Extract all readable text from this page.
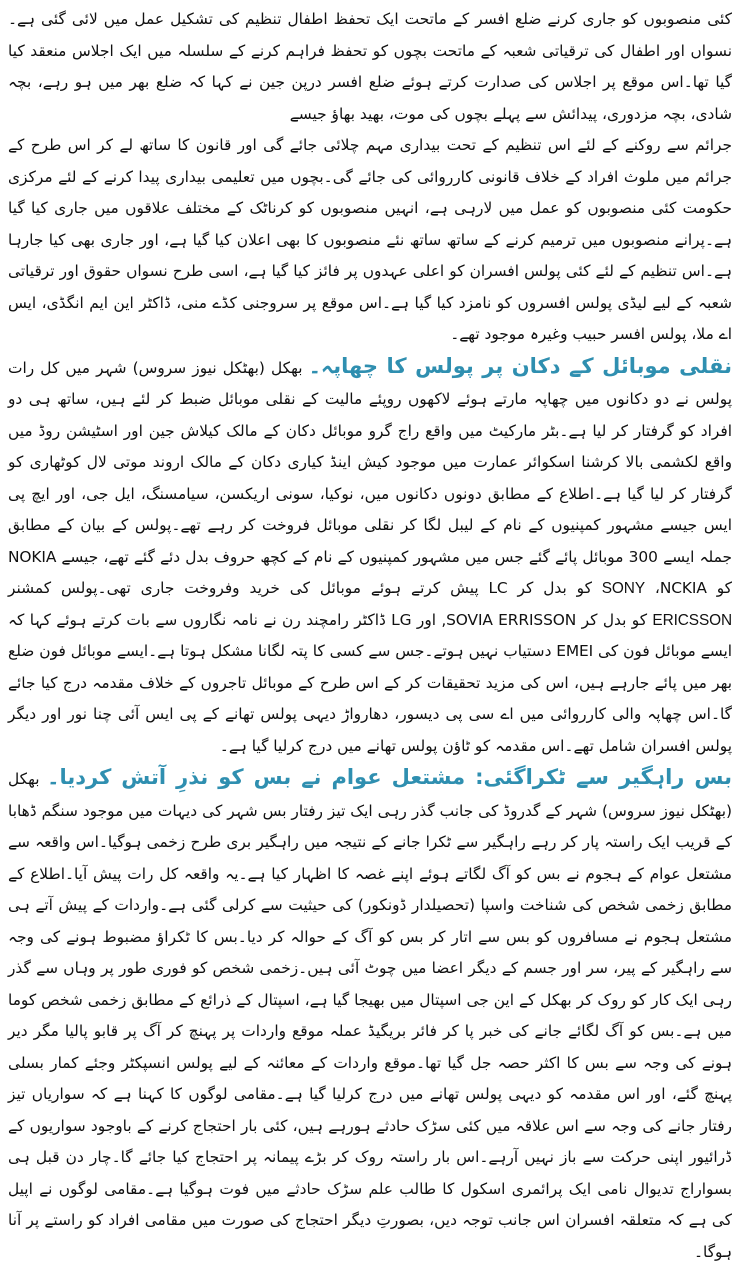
کئی منصوبوں کو جاری کرنے ضلع افسر کے ماتحت ایک تحفظ اطفال تنظیم کی تشکیل عمل میں لائی گئی ہے۔نسواں اور اطفال کی ترقیاتی شعبہ کے ماتحت بچوں کو تحفظ فراہم کرنے کے سلسلہ میں ایک اجلاس منعقد کیا گیا تھا۔اس موقع پر اجلاس کی صدارت کرتے ہوئے ضلع افسر درپن جین نے کہا کہ ضلع بھر میں ہو رہے، بچہ شادی، بچہ مزدوری، پیدائش سے پہلے بچوں کی موت، بھید بھاؤ جیسے

جرائم سے روکنے کے لئے اس تنظیم کے تحت بیداری مہم چلائی جائے گی اور قانون کا ساتھ لے کر اس طرح کے جرائم میں ملوث افراد کے خلاف قانونی کارروائی کی جائے گی۔بچوں میں تعلیمی بیداری پیدا کرنے کے لئے مرکزی حکومت کئی منصوبوں کو عمل میں لارہی ہے، انہیں منصوبوں کو کرناٹک کے مختلف علاقوں میں جاری کیا گیا ہے۔پرانے منصوبوں میں ترمیم کرنے کے ساتھ ساتھ نئے منصوبوں کا بھی اعلان کیا گیا ہے، اور جاری بھی کیا جارہا ہے۔اس تنظیم کے لئے کئی پولس افسران کو اعلی عہدوں پر فائز کیا گیا ہے، اسی طرح نسواں حقوق اور ترقیاتی شعبہ کے لیے لیڈی پولس افسروں کو نامزد کیا گیا ہے۔اس موقع پر سروجنی کڈے منی، ڈاکٹر این ایم انگڈی، ایس اے ملا، پولس افسر حبیب وغیرہ موجود تھے۔

نقلی موبائل کے دکان پر پولس کا چھاپہ۔ بھکل (بھٹکل نیوز سروس) شہر میں کل رات پولس نے دو دکانوں میں چھاپہ مارتے ہوئے لاکھوں روپئے مالیت کے نقلی موبائل ضبط کر لئے ہیں، ساتھ ہی دو افراد کو گرفتار کر لیا ہے۔بٹر مارکیٹ میں واقع راج گرو موبائل دکان کے مالک کیلاش جین اور اسٹیشن روڈ میں واقع لکشمی بالا کرشنا اسکوائر عمارت میں موجود کیش اینڈ کیاری دکان کے مالک اروند موتی لال کوٹھاری کو گرفتار کر لیا گیا ہے۔اطلاع کے مطابق دونوں دکانوں میں، نوکیا، سونی اریکسن، سیامسنگ، ایل جی، اور ایچ پی ایس جیسے مشہور کمپنیوں کے نام کے لیبل لگا کر نقلی موبائل فروخت کر رہے تھے۔پولس کے بیان کے مطابق جملہ ایسے 300 موبائل پائے گئے جس میں مشہور کمپنیوں کے نام کے کچھ حروف بدل دئے گئے تھے، جیسے NOKIA کو NCKIA، SONY کو بدل کر LC پیش کرتے ہوئے موبائل کی خرید وفروخت جاری تھی۔پولس کمشنر ERICSSON کو بدل کر SOVIA ERRISSON, اور LG ڈاکٹر رامچند رن نے نامہ نگاروں سے بات کرتے ہوئے کہا کہ ایسے موبائل فون کی EMEI دستیاب نہیں ہوتے۔جس سے کسی کا پتہ لگانا مشکل ہوتا ہے۔ایسے موبائل فون ضلع بھر میں پائے جارہے ہیں، اس کی مزید تحقیقات کر کے اس طرح کے موبائل تاجروں کے خلاف مقدمہ درج کیا جائے گا۔اس چھاپہ والی کارروائی میں اے سی پی دیسور، دھارواڑ دیہی پولس تھانے کے پی ایس آئی چنا نور اور دیگر پولس افسران شامل تھے۔اس مقدمہ کو ٹاؤن پولس تھانے میں درج کرلیا گیا ہے۔

بس راہگیر سے ٹکراگئی: مشتعل عوام نے بس کو نذرِ آتش کردیا۔ بھکل (بھٹکل نیوز سروس) شہر کے گدروڈ کی جانب گذر رہی ایک تیز رفتار بس شہر کی دیہات میں موجود سنگم ڈھابا کے قریب ایک راستہ پار کر رہے راہگیر سے ٹکرا جانے کے نتیجہ میں راہگیر بری طرح زخمی ہوگیا۔اس واقعہ سے مشتعل عوام کے ہجوم نے بس کو آگ لگاتے ہوئے اپنے غصہ کا اظہار کیا ہے۔یہ واقعہ کل رات پیش آیا۔اطلاع کے مطابق زخمی شخص کی شناخت واسپا (تحصیلدار ڈونکور) کی حیثیت سے کرلی گئی ہے۔واردات کے پیش آتے ہی مشتعل ہجوم نے مسافروں کو بس سے اتار کر بس کو آگ کے حوالہ کر دیا۔بس کا ٹکراؤ مضبوط ہونے کی وجہ سے راہگیر کے پیر، سر اور جسم کے دیگر اعضا میں چوٹ آئی ہیں۔زخمی شخص کو فوری طور پر وہاں سے گذر رہی ایک کار کو روک کر بھکل کے این جی اسپتال میں بھیجا گیا ہے، اسپتال کے ذرائع کے مطابق زخمی شخص کوما میں ہے۔بس کو آگ لگائے جانے کی خبر پا کر فائر بریگیڈ عملہ موقع واردات پر پہنچ کر آگ پر قابو پالیا مگر دیر ہونے کی وجہ سے بس کا اکثر حصہ جل گیا تھا۔موقع واردات کے معائنہ کے لیے پولس انسپکٹر وجئے کمار بسلی پہنچ گئے، اور اس مقدمہ کو دیہی پولس تھانے میں درج کرلیا گیا ہے۔مقامی لوگوں کا کہنا ہے کہ سواریاں تیز رفتار جانے کی وجہ سے اس علاقہ میں کئی سڑک حادثے ہورہے ہیں، کئی بار احتجاج کرنے کے باوجود سواریوں کے ڈرائیور اپنی حرکت سے باز نہیں آرہے۔اس بار راستہ روک کر بڑے پیمانہ پر احتجاج کیا جائے گا۔چار دن قبل ہی بسواراج تدیوال نامی ایک پرائمری اسکول کا طالب علم سڑک حادثے میں فوت ہوگیا ہے۔مقامی لوگوں نے اپیل کی ہے کہ متعلقہ افسران اس جانب توجہ دیں، بصورتِ دیگر احتجاج کی صورت میں مقامی افراد کو راستے پر آنا ہوگا۔
